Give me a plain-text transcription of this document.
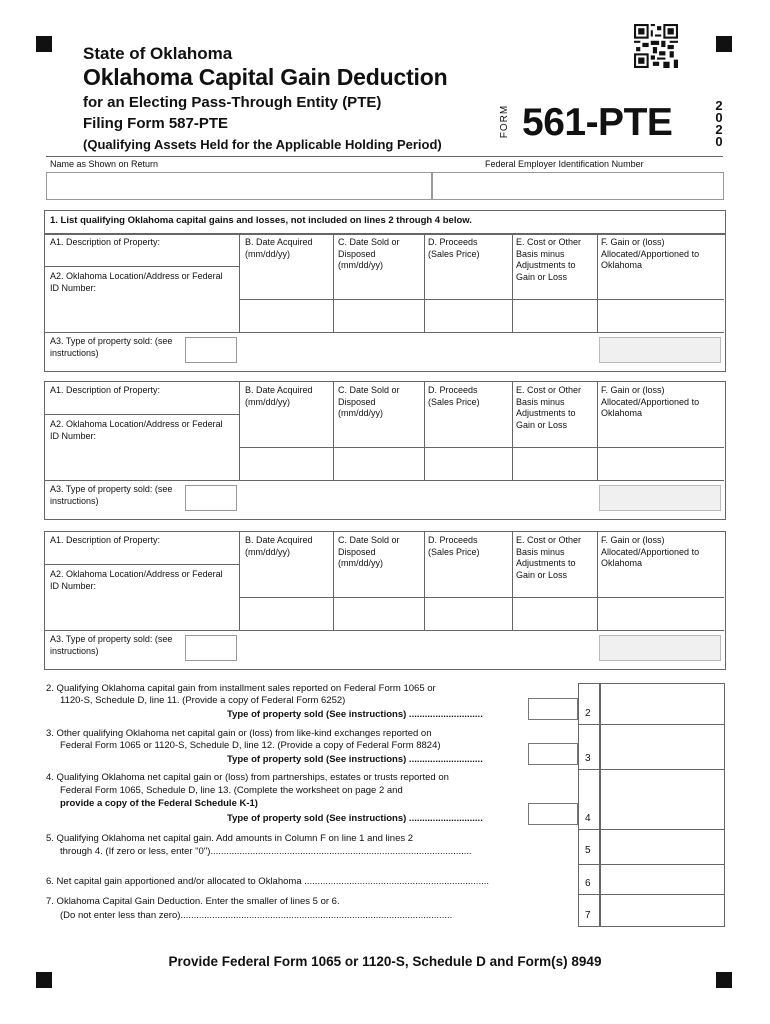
State of Oklahoma
Oklahoma Capital Gain Deduction
for an Electing Pass-Through Entity (PTE)
Filing Form 587-PTE
(Qualifying Assets Held for the Applicable Holding Period)
FORM 561-PTE	2
0
2
0
Name as Shown on Return	Federal Employer Identification Number
1. List qualifying Oklahoma capital gains and losses, not included on lines 2 through 4 below.
A1. Description of Property:
A2. Oklahoma Location/Address or Federal ID Number:
A3. Type of property sold: (see instructions)
B. Date Acquired (mm/dd/yy)
C. Date Sold or Disposed (mm/dd/yy)
D. Proceeds (Sales Price)
E. Cost or Other Basis minus Adjustments to Gain or Loss
F. Gain or (loss) Allocated/Apportioned to Oklahoma
A1. Description of Property:
A2. Oklahoma Location/Address or Federal ID Number:
A3. Type of property sold: (see instructions)
B. Date Acquired (mm/dd/yy)
C. Date Sold or Disposed (mm/dd/yy)
D. Proceeds (Sales Price)
E. Cost or Other Basis minus Adjustments to Gain or Loss
F. Gain or (loss) Allocated/Apportioned to Oklahoma
A1. Description of Property:
A2. Oklahoma Location/Address or Federal ID Number:
A3. Type of property sold: (see instructions)
B. Date Acquired (mm/dd/yy)
C. Date Sold or Disposed (mm/dd/yy)
D. Proceeds (Sales Price)
E. Cost or Other Basis minus Adjustments to Gain or Loss
F. Gain or (loss) Allocated/Apportioned to Oklahoma
2. Qualifying Oklahoma capital gain from installment sales reported on Federal Form 1065 or
1120-S, Schedule D, line 11. (Provide a copy of Federal Form 6252)
Type of property sold (See instructions) ............................
3. Other qualifying Oklahoma net capital gain or (loss) from like-kind exchanges reported on
Federal Form 1065 or 1120-S, Schedule D, line 12. (Provide a copy of Federal Form 8824)
Type of property sold (See instructions) ............................
4. Qualifying Oklahoma net capital gain or (loss) from partnerships, estates or trusts reported on
Federal Form 1065, Schedule D, line 13. (Complete the worksheet on page 2 and
provide a copy of the Federal Schedule K-1)
Type of property sold (See instructions) ............................
5. Qualifying Oklahoma net capital gain. Add amounts in Column F on line 1 and lines 2
through 4. (If zero or less, enter "0")...................................................................................................
6. Net capital gain apportioned and/or allocated to Oklahoma ......................................................................
7. Oklahoma Capital Gain Deduction. Enter the smaller of lines 5 or 6.
(Do not enter less than zero).......................................................................................................
2
3
4
5
6
7
Provide Federal Form 1065 or 1120-S, Schedule D and Form(s) 8949
